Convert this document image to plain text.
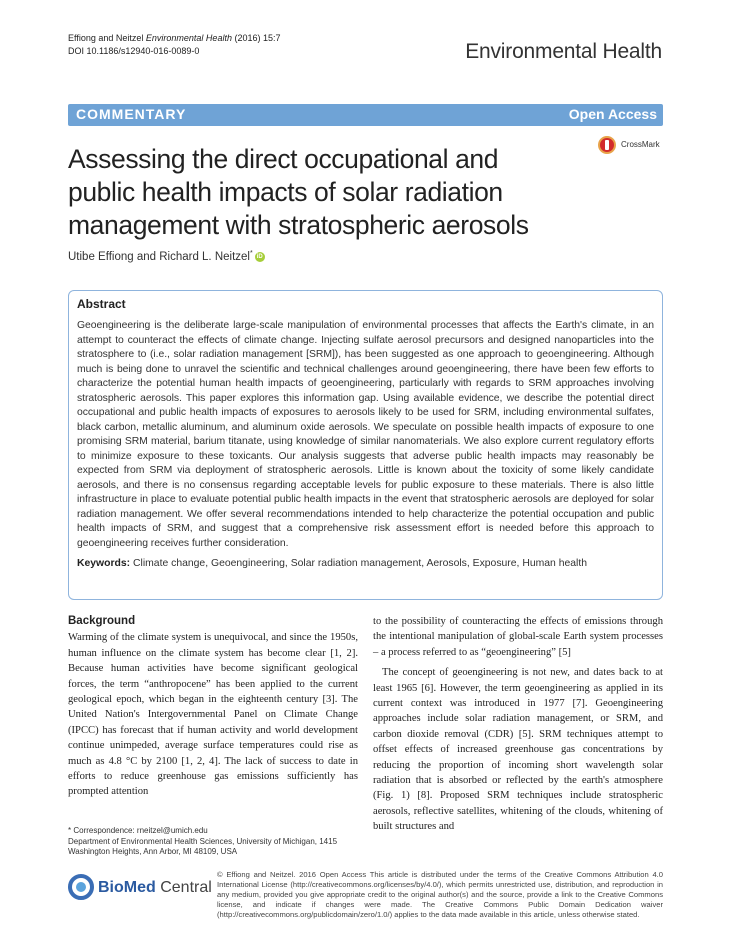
Effiong and Neitzel Environmental Health (2016) 15:7
DOI 10.1186/s12940-016-0089-0	Environmental Health
COMMENTARY	Open Access
CrossMark
Assessing the direct occupational and public health impacts of solar radiation management with stratospheric aerosols
Utibe Effiong and Richard L. Neitzel* iD
Abstract
Geoengineering is the deliberate large-scale manipulation of environmental processes that affects the Earth's climate, in an attempt to counteract the effects of climate change. Injecting sulfate aerosol precursors and designed nanoparticles into the stratosphere to (i.e., solar radiation management [SRM]), has been suggested as one approach to geoengineering. Although much is being done to unravel the scientific and technical challenges around geoengineering, there have been few efforts to characterize the potential human health impacts of geoengineering, particularly with regards to SRM approaches involving stratospheric aerosols. This paper explores this information gap. Using available evidence, we describe the potential direct occupational and public health impacts of exposures to aerosols likely to be used for SRM, including environmental sulfates, black carbon, metallic aluminum, and aluminum oxide aerosols. We speculate on possible health impacts of exposure to one promising SRM material, barium titanate, using knowledge of similar nanomaterials. We also explore current regulatory efforts to minimize exposure to these toxicants. Our analysis suggests that adverse public health impacts may reasonably be expected from SRM via deployment of stratospheric aerosols. Little is known about the toxicity of some likely candidate aerosols, and there is no consensus regarding acceptable levels for public exposure to these materials. There is also little infrastructure in place to evaluate potential public health impacts in the event that stratospheric aerosols are deployed for solar radiation management. We offer several recommendations intended to help characterize the potential occupation and public health impacts of SRM, and suggest that a comprehensive risk assessment effort is needed before this approach to geoengineering receives further consideration.
Keywords: Climate change, Geoengineering, Solar radiation management, Aerosols, Exposure, Human health
Background
Warming of the climate system is unequivocal, and since the 1950s, human influence on the climate system has become clear [1, 2]. Because human activities have become significant geological forces, the term “anthropocene” has been applied to the current geological epoch, which began in the eighteenth century [3]. The United Nation's Intergovernmental Panel on Climate Change (IPCC) has forecast that if human activity and world development continue unimpeded, average surface temperatures could rise as much as 4.8 °C by 2100 [1, 2, 4]. The lack of success to date in efforts to reduce greenhouse gas emissions sufficiently has prompted attention
to the possibility of counteracting the effects of emissions through the intentional manipulation of global-scale Earth system processes – a process referred to as “geoengineering” [5]
The concept of geoengineering is not new, and dates back to at least 1965 [6]. However, the term geoengineering as applied in its current context was introduced in 1977 [7]. Geoengineering approaches include solar radiation management, or SRM, and carbon dioxide removal (CDR) [5]. SRM techniques attempt to offset effects of increased greenhouse gas concentrations by reducing the proportion of incoming short wavelength solar radiation that is absorbed or reflected by the earth's atmosphere (Fig. 1) [8]. Proposed SRM techniques include stratospheric aerosols, reflective satellites, whitening of the clouds, whitening of built structures and
* Correspondence: rneitzel@umich.edu
Department of Environmental Health Sciences, University of Michigan, 1415 Washington Heights, Ann Arbor, MI 48109, USA
BioMed Central
© Effiong and Neitzel. 2016 Open Access This article is distributed under the terms of the Creative Commons Attribution 4.0 International License (http://creativecommons.org/licenses/by/4.0/), which permits unrestricted use, distribution, and reproduction in any medium, provided you give appropriate credit to the original author(s) and the source, provide a link to the Creative Commons license, and indicate if changes were made. The Creative Commons Public Domain Dedication waiver (http://creativecommons.org/publicdomain/zero/1.0/) applies to the data made available in this article, unless otherwise stated.
